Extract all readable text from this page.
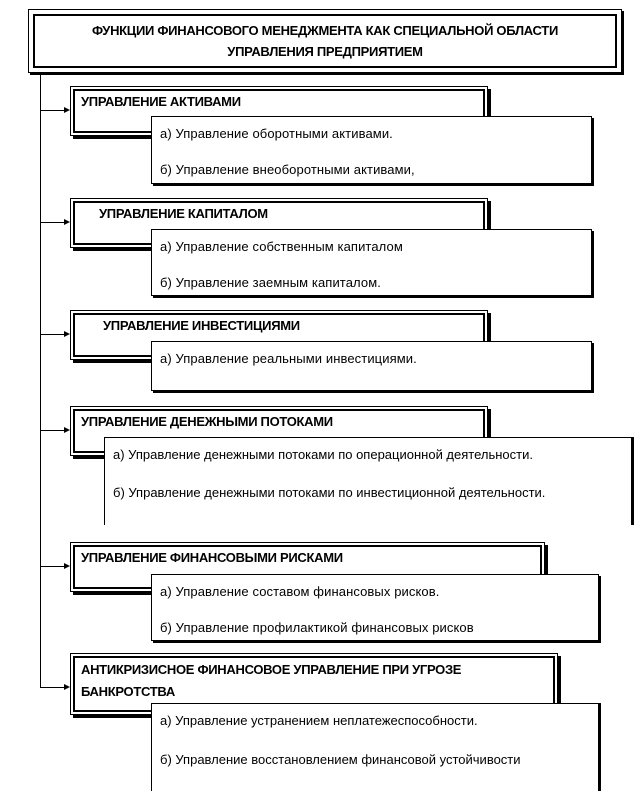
ФУНКЦИИ ФИНАНСОВОГО МЕНЕДЖМЕНТА КАК СПЕЦИАЛЬНОЙ ОБЛАСТИ УПРАВЛЕНИЯ ПРЕДПРИЯТИЕМ
УПРАВЛЕНИЕ АКТИВАМИ
а) Управление оборотными активами.
б) Управление внеоборотными активами,
УПРАВЛЕНИЕ КАПИТАЛОМ
а) Управление собственным капиталом
б) Управление заемным капиталом.
УПРАВЛЕНИЕ ИНВЕСТИЦИЯМИ
а) Управление реальными инвестициями.
УПРАВЛЕНИЕ ДЕНЕЖНЫМИ ПОТОКАМИ
а) Управление денежными потоками по операционной деятельности.
б) Управление денежными потоками по инвестиционной деятельности.
УПРАВЛЕНИЕ ФИНАНСОВЫМИ РИСКАМИ
а) Управление составом финансовых рисков.
б) Управление профилактикой финансовых рисков
АНТИКРИЗИСНОЕ ФИНАНСОВОЕ УПРАВЛЕНИЕ ПРИ УГРОЗЕ БАНКРОТСТВА
а) Управление устранением неплатежеспособности.
б) Управление восстановлением финансовой устойчивости
